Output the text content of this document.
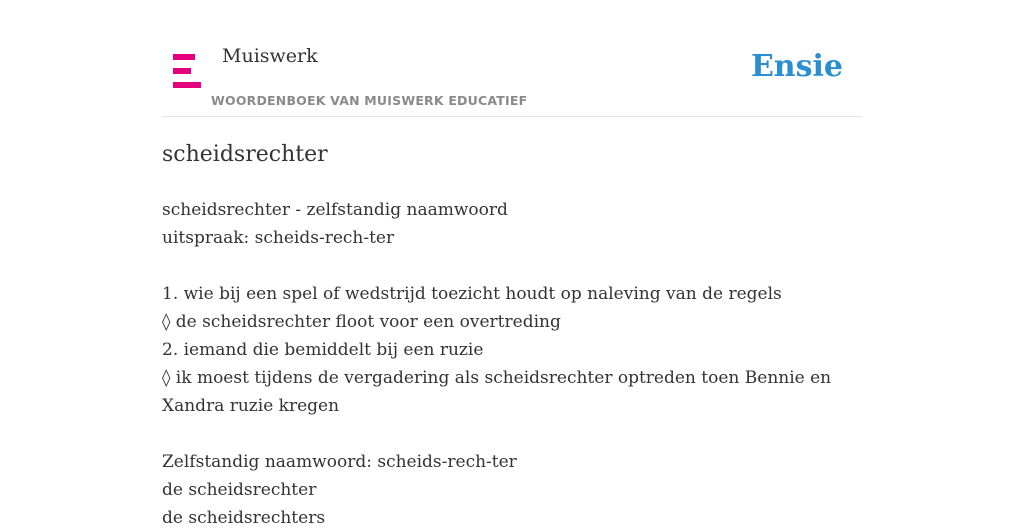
Muiswerk
WOORDENBOEK VAN MUISWERK EDUCATIEF
Ensie
scheidsrechter
scheidsrechter - zelfstandig naamwoord
uitspraak: scheids-rech-ter
1. wie bij een spel of wedstrijd toezicht houdt op naleving van de regels
◊ de scheidsrechter floot voor een overtreding
2. iemand die bemiddelt bij een ruzie
◊ ik moest tijdens de vergadering als scheidsrechter optreden toen Bennie en
Xandra ruzie kregen
Zelfstandig naamwoord: scheids-rech-ter
de scheidsrechter
de scheidsrechters
